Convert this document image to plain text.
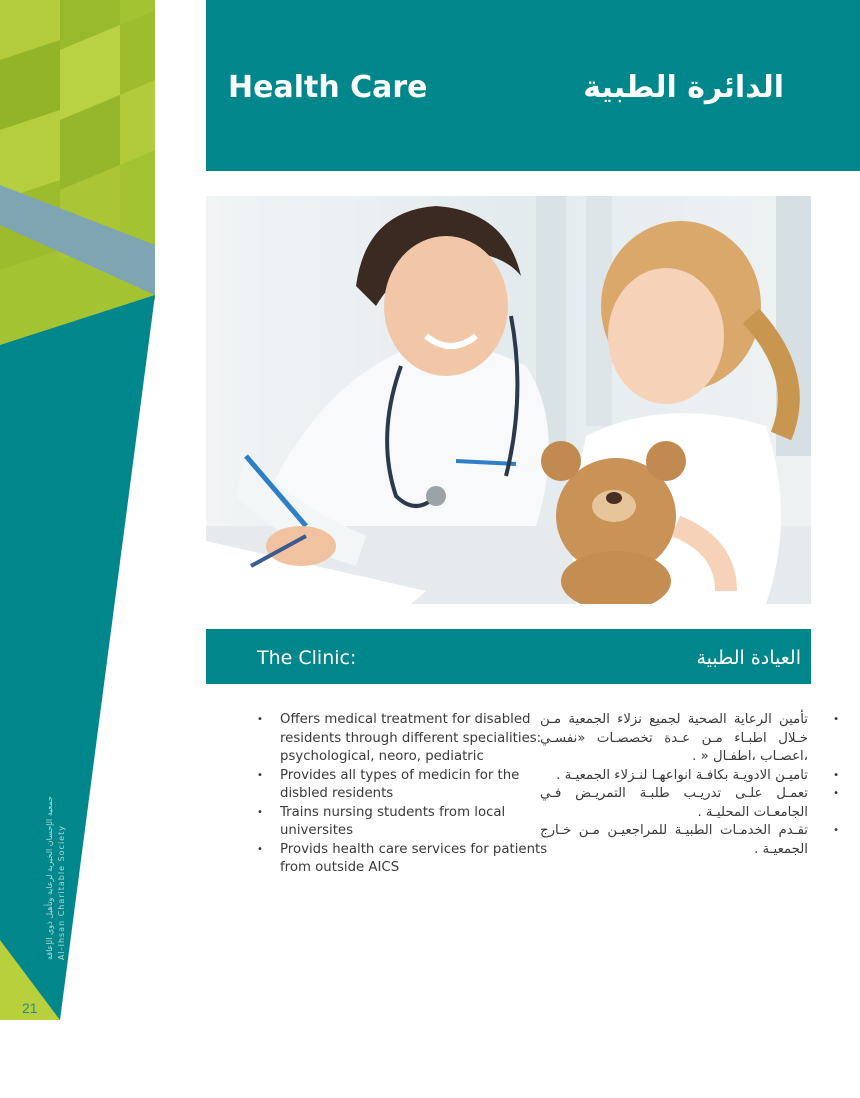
جمعية الإحسان الخيرية لرعاية وتأهيل ذوي الإعاقة Al-Ihsan Charitable Society
21
Health Care	الدائرة الطبية
The Clinic:	العيادة الطبية
• Offers medical treatment for disabled residents through different specialities: psychological, neoro, pediatric
• Provides all types of medicin for the disbled residents
• Trains nursing students from local universites
• Provids health care services for patients from outside AICS
• تأمين الرعاية الصحية لجميع نزلاء الجمعية مـن خـلال اطبـاء مـن عـدة تخصصـات «نفسـي ،اعصـاب ،اطفـال « .
• تاميـن الادويـة بكافـة انواعهـا لنـزلاء الجمعيـة .
• تعمـل علـى تدريـب طلبـة التمريـض فـي الجامعـات المحليـة .
• تقـدم الخدمـات الطبيـة للمراجعيـن مـن خـارج الجمعيـة .
